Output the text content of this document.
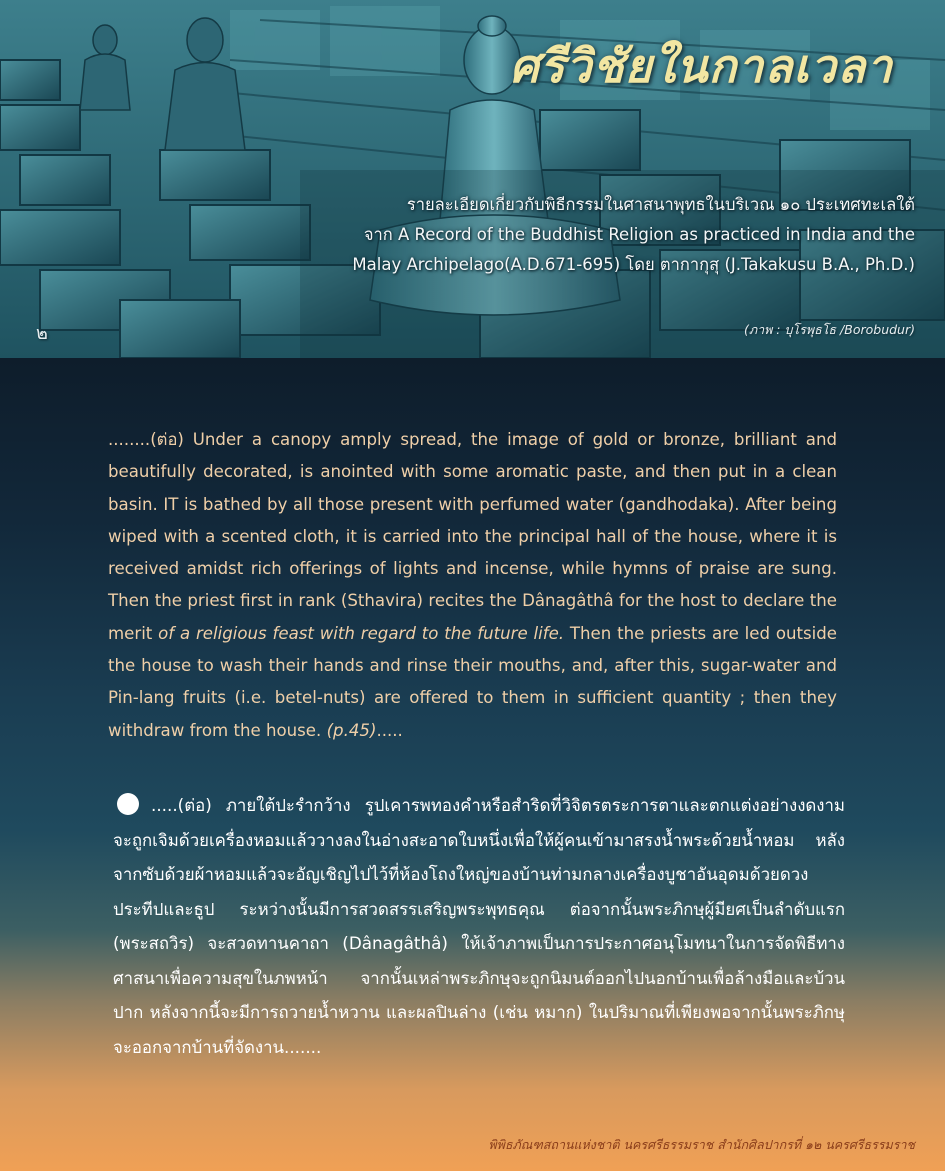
ศรีวิชัยในกาลเวลา
รายละเอียดเกี่ยวกับพิธีกรรมในศาสนาพุทธในบริเวณ ๑๐ ประเทศทะเลใต้
จาก A Record of the Buddhist Religion as practiced in India and the
Malay Archipelago(A.D.671-695) โดย ตากากุสุ (J.Takakusu B.A., Ph.D.)
๒	(ภาพ : บุโรพุธโธ /Borobudur)

........(ต่อ) Under a canopy amply spread, the image of gold or bronze, brilliant and beautifully decorated, is anointed with some aromatic paste, and then put in a clean basin. IT is bathed by all those present with perfumed water (gandhodaka). After being wiped with a scented cloth, it is carried into the principal hall of the house, where it is received amidst rich offerings of lights and incense, while hymns of praise are sung. Then the priest first in rank (Sthavira) recites the Dânagâthâ for the host to declare the merit of a religious feast with regard to the future life. Then the priests are led outside the house to wash their hands and rinse their mouths, and, after this, sugar-water and Pin-lang fruits (i.e. betel-nuts) are offered to them in sufficient quantity ; then they withdraw from the house. (p.45).....

.....(ต่อ) ภายใต้ปะรำกว้าง รูปเคารพทองคำหรือสำริดที่วิจิตรตระการตาและตกแต่งอย่างงดงาม จะถูกเจิมด้วยเครื่องหอมแล้ววางลงในอ่างสะอาดใบหนึ่งเพื่อให้ผู้คนเข้ามาสรงน้ำพระด้วยน้ำหอม หลังจากซับด้วยผ้าหอมแล้วจะอัญเชิญไปไว้ที่ห้องโถงใหญ่ของบ้านท่ามกลางเครื่องบูชาอันอุดมด้วยดวงประทีปและธูป ระหว่างนั้นมีการสวดสรรเสริญพระพุทธคุณ ต่อจากนั้นพระภิกษุผู้มียศเป็นลำดับแรก (พระสถวิร) จะสวดทานคาถา (Dânagâthâ) ให้เจ้าภาพเป็นการประกาศอนุโมทนาในการจัดพิธีทางศาสนาเพื่อความสุขในภพหน้า จากนั้นเหล่าพระภิกษุจะถูกนิมนต์ออกไปนอกบ้านเพื่อล้างมือและบ้วนปาก หลังจากนี้จะมีการถวายน้ำหวาน และผลปินล่าง (เช่น หมาก) ในปริมาณที่เพียงพอจากนั้นพระภิกษุจะออกจากบ้านที่จัดงาน.......

พิพิธภัณฑสถานแห่งชาติ นครศรีธรรมราช สำนักศิลปากรที่ ๑๒ นครศรีธรรมราช
